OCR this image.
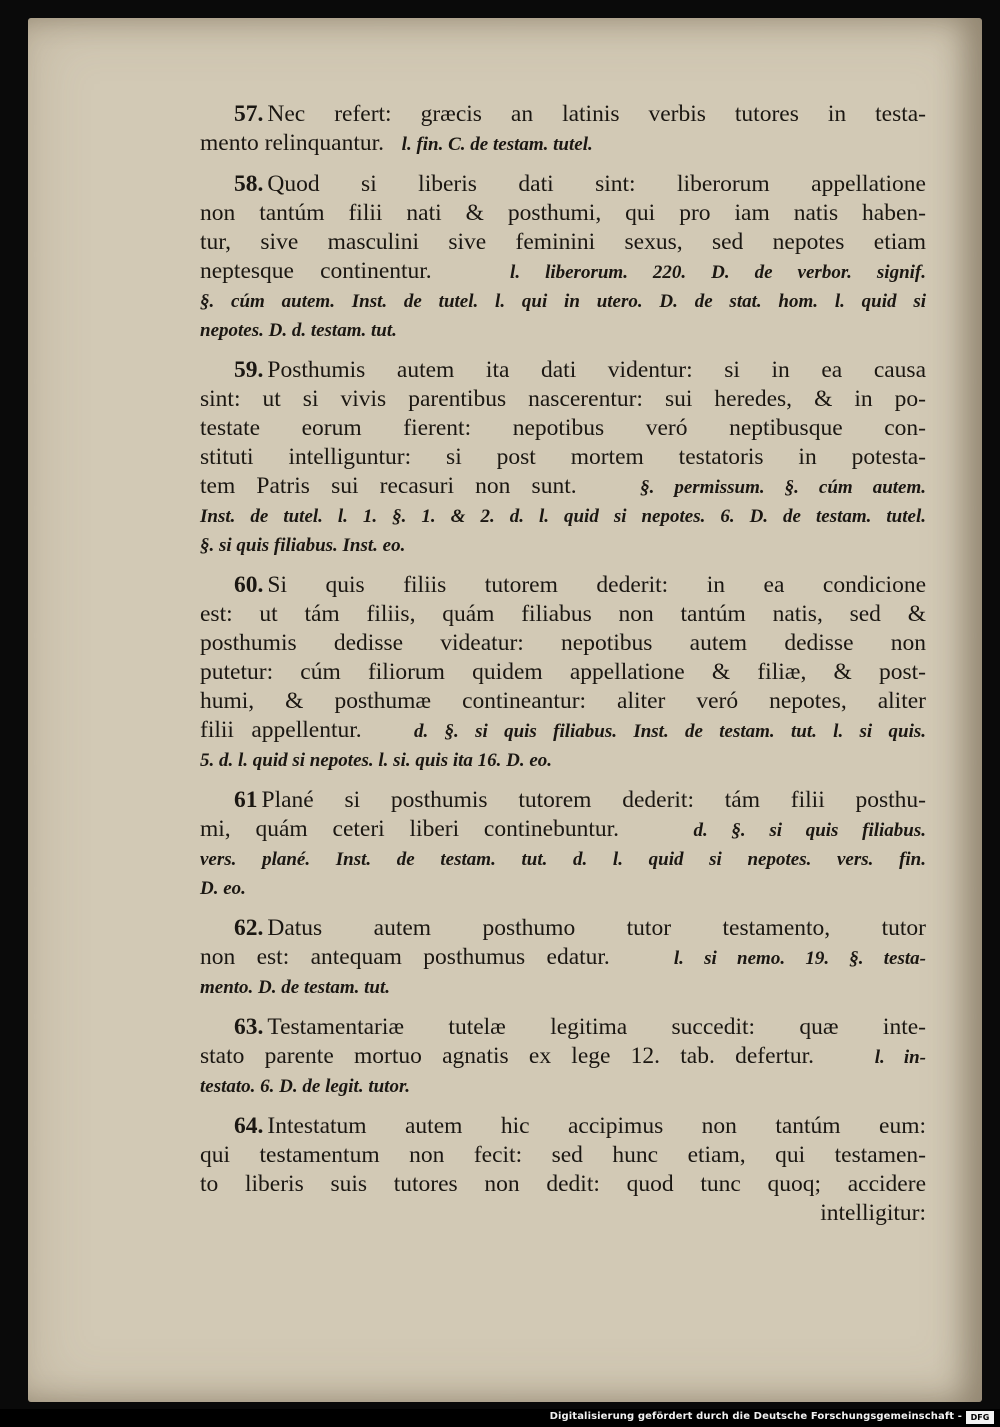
57. Nec refert: græcis an latinis verbis tutores in testa-
mento relinquantur. l. fin. C. de testam. tutel.

58. Quod si liberis dati sint: liberorum appellatione
non tantúm filii nati & posthumi, qui pro iam natis haben-
tur, sive masculini sive feminini sexus, sed nepotes etiam
neptesque continentur.	l. liberorum. 220. D. de verbor. signif.
§. cúm autem. Inst. de tutel. l. qui in utero. D. de stat. hom. l. quid si
nepotes. D. d. testam. tut.

59. Posthumis autem ita dati videntur: si in ea causa
sint: ut si vivis parentibus nascerentur: sui heredes, & in po-
testate eorum fierent: nepotibus veró neptibusque con-
stituti intelliguntur: si post mortem testatoris in potesta-
tem Patris sui recasuri non sunt.	§. permissum. §. cúm autem.
Inst. de tutel. l. 1. §. 1. & 2. d. l. quid si nepotes. 6. D. de testam. tutel.
§. si quis filiabus. Inst. eo.

60. Si quis filiis tutorem dederit: in ea condicione
est: ut tám filiis, quám filiabus non tantúm natis, sed &
posthumis dedisse videatur: nepotibus autem dedisse non
putetur: cúm filiorum quidem appellatione & filiæ, & post-
humi, & posthumæ contineantur: aliter veró nepotes, aliter
filii appellentur.	d. §. si quis filiabus. Inst. de testam. tut. l. si quis.
5. d. l. quid si nepotes. l. si. quis ita 16. D. eo.

61 Plané si posthumis tutorem dederit: tám filii posthu-
mi, quám ceteri liberi continebuntur.	d. §. si quis filiabus.
vers. plané. Inst. de testam. tut. d. l. quid si nepotes. vers. fin.
D. eo.

62. Datus autem posthumo tutor testamento, tutor
non est: antequam posthumus edatur.	l. si nemo. 19. §. testa-
mento. D. de testam. tut.

63. Testamentariæ tutelæ legitima succedit: quæ inte-
stato parente mortuo agnatis ex lege 12. tab. defertur.	l. in-
testato. 6. D. de legit. tutor.

64. Intestatum autem hic accipimus non tantúm eum:
qui testamentum non fecit: sed hunc etiam, qui testamen-
to liberis suis tutores non dedit: quod tunc quoq; accidere
intelligitur:

Digitalisierung gefördert durch die Deutsche Forschungsgemeinschaft -	DFG
